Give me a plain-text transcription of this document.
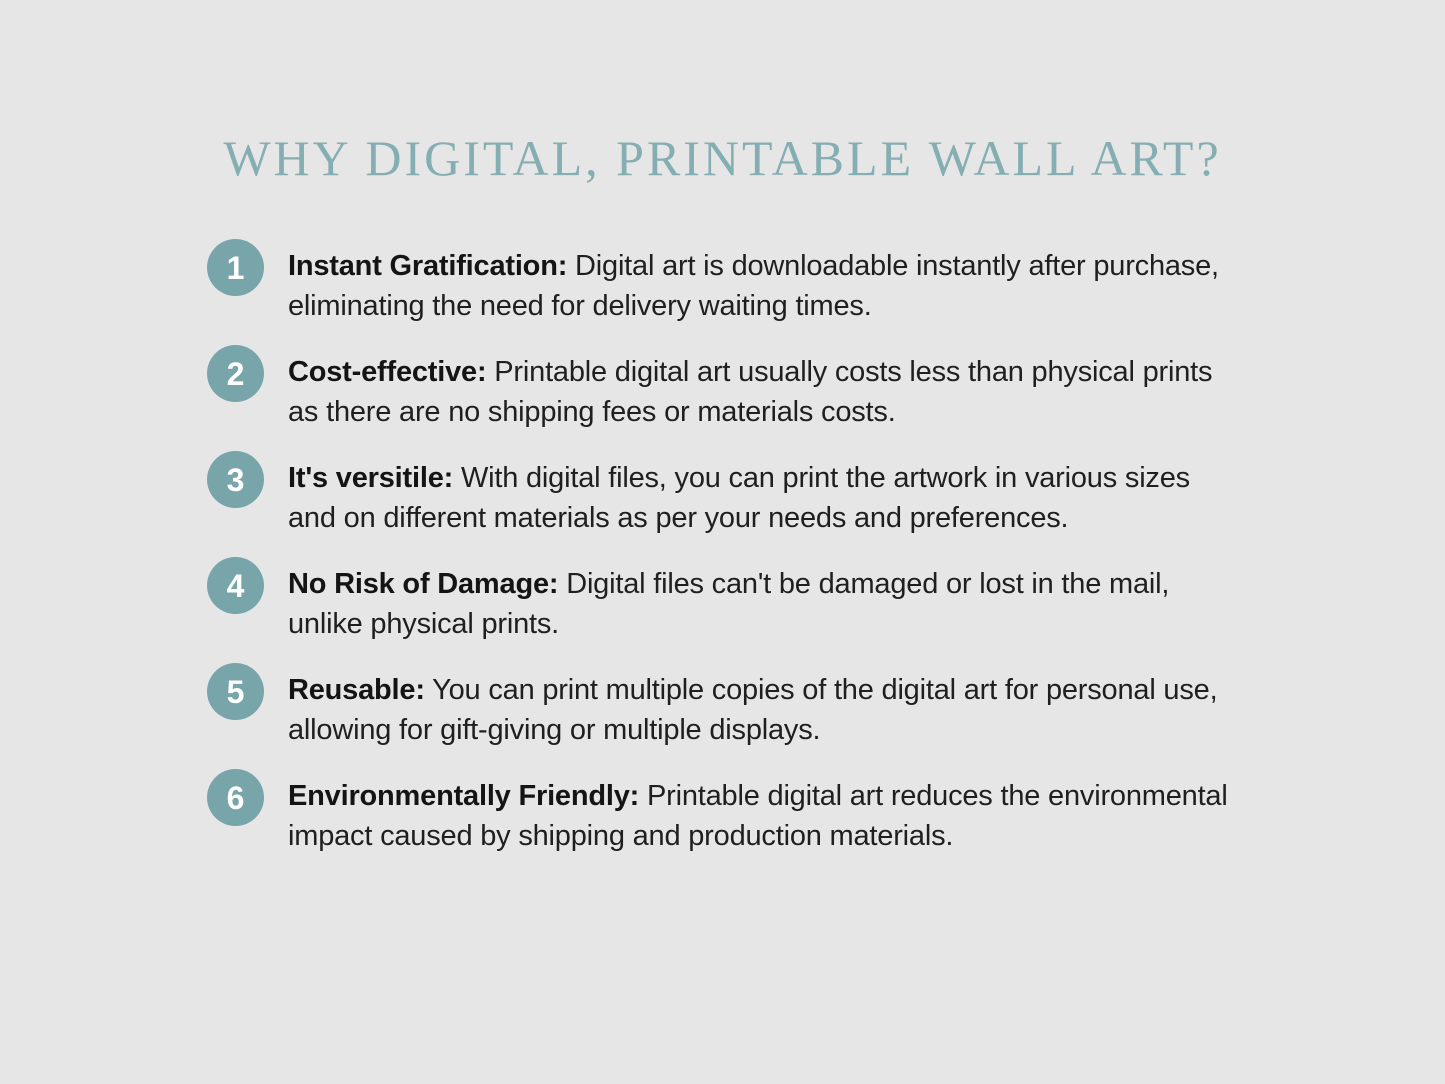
WHY DIGITAL, PRINTABLE WALL ART?
1	Instant Gratification: Digital art is downloadable instantly after purchase, eliminating the need for delivery waiting times.

2	Cost-effective: Printable digital art usually costs less than physical prints as there are no shipping fees or materials costs.

3	It's versitile: With digital files, you can print the artwork in various sizes and on different materials as per your needs and preferences.

4	No Risk of Damage: Digital files can't be damaged or lost in the mail, unlike physical prints.

5	Reusable: You can print multiple copies of the digital art for personal use, allowing for gift-giving or multiple displays.

6	Environmentally Friendly: Printable digital art reduces the environmental impact caused by shipping and production materials.
